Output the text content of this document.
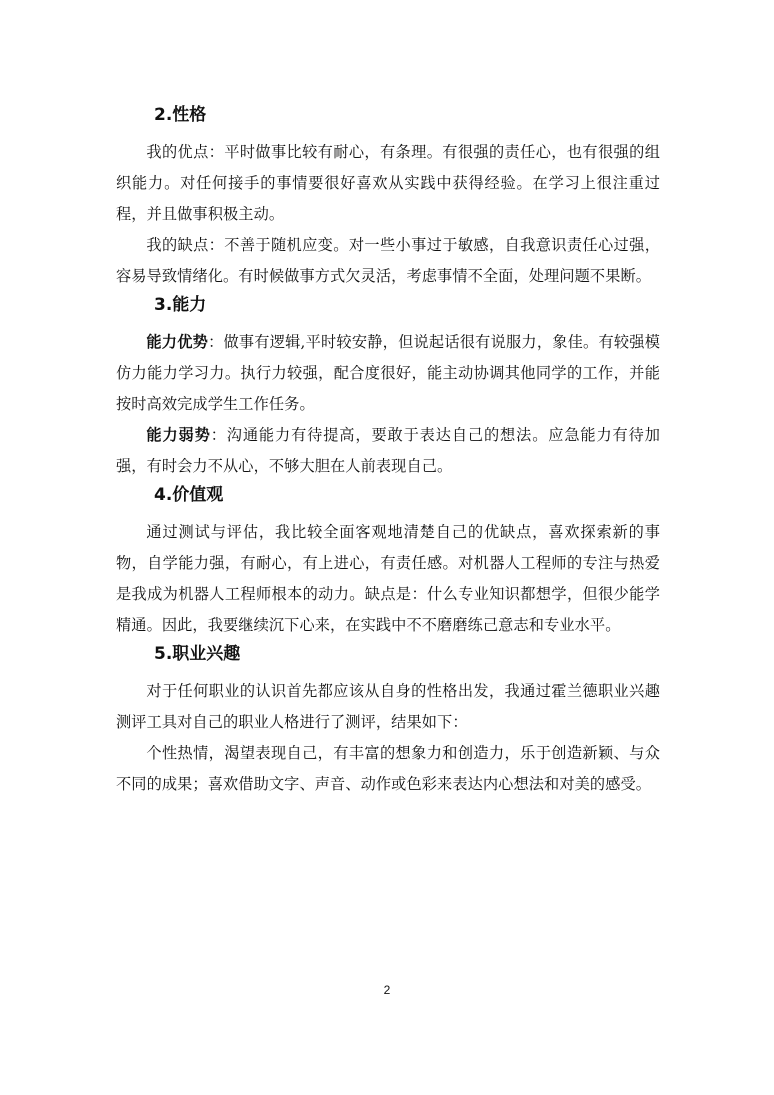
2.性格

我的优点：平时做事比较有耐心，有条理。有很强的责任心，也有很强的组织能力。对任何接手的事情要很好喜欢从实践中获得经验。在学习上很注重过程，并且做事积极主动。

我的缺点：不善于随机应变。对一些小事过于敏感，自我意识责任心过强，容易导致情绪化。有时候做事方式欠灵活，考虑事情不全面，处理问题不果断。

3.能力

能力优势：做事有逻辑,平时较安静，但说起话很有说服力，象佳。有较强模仿力能力学习力。执行力较强，配合度很好，能主动协调其他同学的工作，并能按时高效完成学生工作任务。

能力弱势：沟通能力有待提高，要敢于表达自己的想法。应急能力有待加强，有时会力不从心，不够大胆在人前表现自己。

4.价值观

通过测试与评估，我比较全面客观地清楚自己的优缺点，喜欢探索新的事物，自学能力强，有耐心，有上进心，有责任感。对机器人工程师的专注与热爱是我成为机器人工程师根本的动力。缺点是：什么专业知识都想学，但很少能学精通。因此，我要继续沉下心来，在实践中不不磨磨练己意志和专业水平。

5.职业兴趣

对于任何职业的认识首先都应该从自身的性格出发，我通过霍兰德职业兴趣测评工具对自己的职业人格进行了测评，结果如下：

个性热情，渴望表现自己，有丰富的想象力和创造力，乐于创造新颖、与众不同的成果；喜欢借助文字、声音、动作或色彩来表达内心想法和对美的感受。

2
